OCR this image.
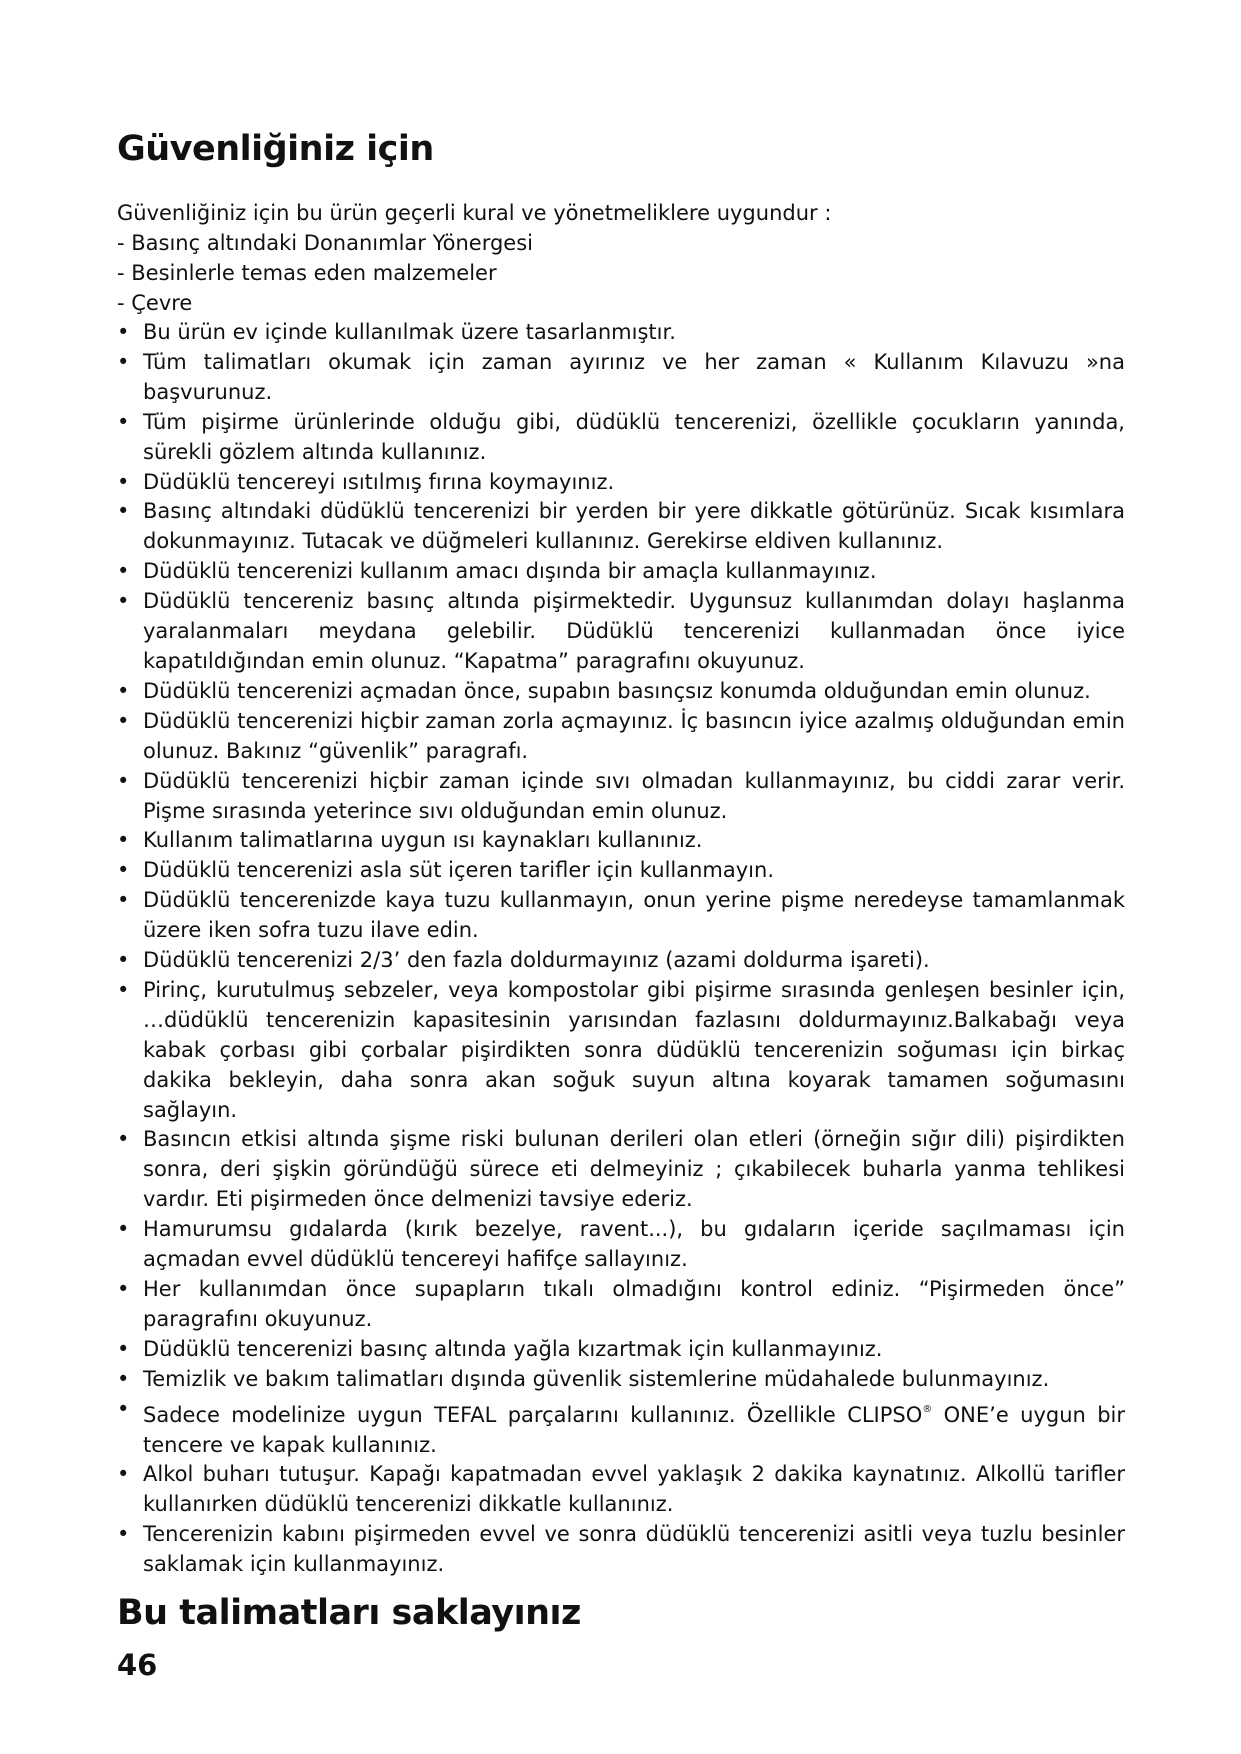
Güvenliğiniz için

Güvenliğiniz için bu ürün geçerli kural ve yönetmeliklere uygundur :

- Basınç altındaki Donanımlar Yönergesi

- Besinlerle temas eden malzemeler

- Çevre

• Bu ürün ev içinde kullanılmak üzere tasarlanmıştır.
• Tüm talimatları okumak için zaman ayırınız ve her zaman « Kullanım Kılavuzu »na başvurunuz.
• Tüm pişirme ürünlerinde olduğu gibi, düdüklü tencerenizi, özellikle çocukların yanında, sürekli gözlem altında kullanınız.
• Düdüklü tencereyi ısıtılmış fırına koymayınız.
• Basınç altındaki düdüklü tencerenizi bir yerden bir yere dikkatle götürünüz. Sıcak kısımlara dokunmayınız. Tutacak ve düğmeleri kullanınız. Gerekirse eldiven kullanınız.
• Düdüklü tencerenizi kullanım amacı dışında bir amaçla kullanmayınız.
• Düdüklü tencereniz basınç altında pişirmektedir. Uygunsuz kullanımdan dolayı haşlanma yaralanmaları meydana gelebilir. Düdüklü tencerenizi kullanmadan önce iyice kapatıldığından emin olunuz. “Kapatma” paragrafını okuyunuz.
• Düdüklü tencerenizi açmadan önce, supabın basınçsız konumda olduğundan emin olunuz.
• Düdüklü tencerenizi hiçbir zaman zorla açmayınız. İç basıncın iyice azalmış olduğundan emin olunuz. Bakınız “güvenlik” paragrafı.
• Düdüklü tencerenizi hiçbir zaman içinde sıvı olmadan kullanmayınız, bu ciddi zarar verir. Pişme sırasında yeterince sıvı olduğundan emin olunuz.
• Kullanım talimatlarına uygun ısı kaynakları kullanınız.
• Düdüklü tencerenizi asla süt içeren tarifler için kullanmayın.
• Düdüklü tencerenizde kaya tuzu kullanmayın, onun yerine pişme neredeyse tamamlanmak üzere iken sofra tuzu ilave edin.
• Düdüklü tencerenizi 2/3’ den fazla doldurmayınız (azami doldurma işareti).
• Pirinç, kurutulmuş sebzeler, veya kompostolar gibi pişirme sırasında genleşen besinler için, …düdüklü tencerenizin kapasitesinin yarısından fazlasını doldurmayınız.Balkabağı veya kabak çorbası gibi çorbalar pişirdikten sonra düdüklü tencerenizin soğuması için birkaç dakika bekleyin, daha sonra akan soğuk suyun altına koyarak tamamen soğumasını sağlayın.
• Basıncın etkisi altında şişme riski bulunan derileri olan etleri (örneğin sığır dili) pişirdikten sonra, deri şişkin göründüğü sürece eti delmeyiniz ; çıkabilecek buharla yanma tehlikesi vardır. Eti pişirmeden önce delmenizi tavsiye ederiz.
• Hamurumsu gıdalarda (kırık bezelye, ravent...), bu gıdaların içeride saçılmaması için açmadan evvel düdüklü tencereyi hafifçe sallayınız.
• Her kullanımdan önce supapların tıkalı olmadığını kontrol ediniz. “Pişirmeden önce” paragrafını okuyunuz.
• Düdüklü tencerenizi basınç altında yağla kızartmak için kullanmayınız.
• Temizlik ve bakım talimatları dışında güvenlik sistemlerine müdahalede bulunmayınız.
• Sadece modelinize uygun TEFAL parçalarını kullanınız. Özellikle CLIPSO® ONE’e uygun bir tencere ve kapak kullanınız.
• Alkol buharı tutuşur. Kapağı kapatmadan evvel yaklaşık 2 dakika kaynatınız. Alkollü tarifler kullanırken düdüklü tencerenizi dikkatle kullanınız.
• Tencerenizin kabını pişirmeden evvel ve sonra düdüklü tencerenizi asitli veya tuzlu besinler saklamak için kullanmayınız.
Bu talimatları saklayınız
46
